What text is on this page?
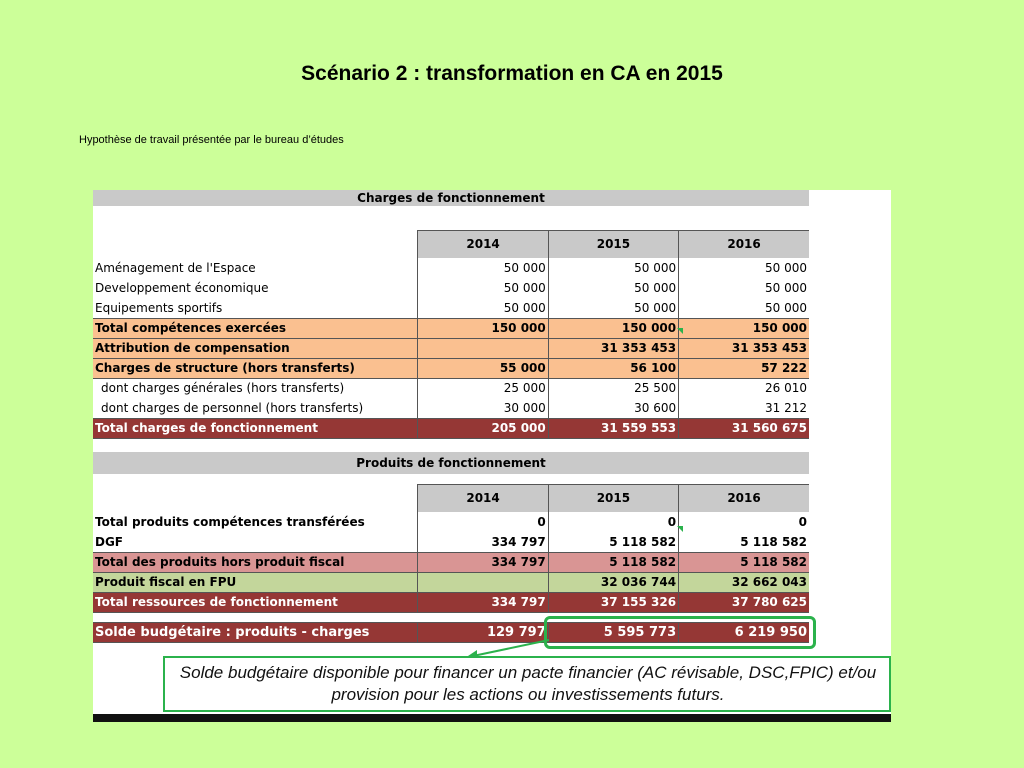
Scénario 2 : transformation en CA en 2015
Hypothèse de travail présentée par le bureau d’études
Charges de fonctionnement			

	2014	2015	2016
Aménagement de l'Espace	50 000	50 000	50 000
Developpement économique	50 000	50 000	50 000
Equipements sportifs	50 000	50 000	50 000
Total compétences exercées	150 000	150 000	150 000
Attribution de compensation		31 353 453	31 353 453
Charges de structure (hors transferts)	55 000	56 100	57 222
dont charges générales (hors transferts)	25 000	25 500	26 010
dont charges de personnel (hors transferts)	30 000	30 600	31 212
Total charges de fonctionnement	205 000	31 559 553	31 560 675
Produits de fonctionnement			

	2014	2015	2016
Total produits compétences transférées	0	0	0
DGF	334 797	5 118 582	5 118 582
Total des produits hors produit fiscal	334 797	5 118 582	5 118 582
Produit fiscal en FPU		32 036 744	32 662 043
Total ressources de fonctionnement	334 797	37 155 326	37 780 625
Solde budgétaire : produits - charges	129 797	5 595 773	6 219 950
Solde budgétaire disponible pour financer un pacte financier (AC révisable, DSC,FPIC) et/ou provision pour les actions ou investissements futurs.
